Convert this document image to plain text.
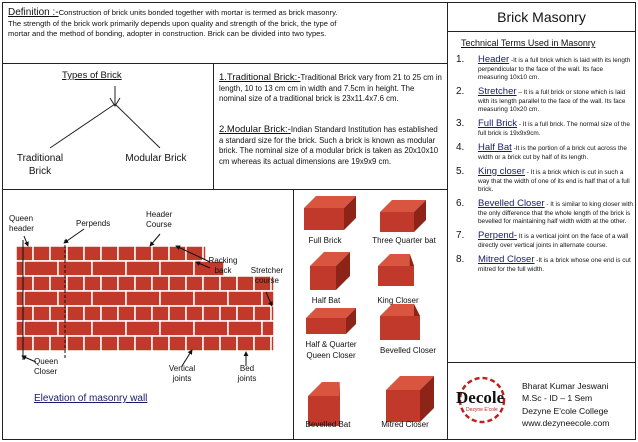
Definition :-Construction of brick units bonded together with mortar is termed as brick masonry.
The strength of the brick work primarily depends upon quality and strength of the brick, the type of
mortar and the method of bonding, adopter in construction. Brick can be divided into two types.
Brick Masonry
Types of Brick
Traditional Brick
Modular Brick
1.Traditional Brick:-Traditional Brick vary from 21 to 25 cm in length, 10 to 13 cm cm in width and 7.5cm in height. The nominal size of a traditional brick is 23x11.4x7.6 cm.
2.Modular Brick:-Indian Standard Institution has established a standard size for the brick. Such a brick is known as modular brick. The nominal size of a modular brick is taken as 20x10x10 cm whereas its actual dimensions are 19x9x9 cm.
Queen header
Perpends
Header Course
Racking back	Stretcher course
Queen Closer	Vertical joints
Bed joints
Elevation of masonry wall
Full Brick	Three Quarter bat
Half Bat	King Closer
Half & Quarter Queen Closer
Bevelled Closer
Bevelled Bat	Mitred Closer
Technical Terms Used in Masonry
1. Header -It is a full brick which is laid with its length perpendicular to the face of the wall. Its face measuring 10x10 cm.
2. Stretcher – It is a full brick or stone which is laid with its length parallel to the face of the wall. Its face measuring 10x20 cm.
3. Full Brick - It is a full brick. The normal size of the full brick is 19x9x9cm.
4. Half Bat -It is the portion of a brick cut across the width or a brick cut by half of its length.
5. King closer - It is a brick which is cut in such a way that the width of one of its end is half that of a full brick.
6. Bevelled Closer - It is similar to king closer with the only difference that the whole length of the brick is bevelled for maintaining half width width at the other.
7. Perpend- It is a vertical joint on the face of a wall directly over vertical joints in alternate course.
8. Mitred Closer -It is a brick whose one end is cut mitred for the full width.
Decole
Dezyne E'cole
Bharat Kumar Jeswani
M.Sc - ID – 1 Sem
Dezyne E'cole College
www.dezyneecole.com
